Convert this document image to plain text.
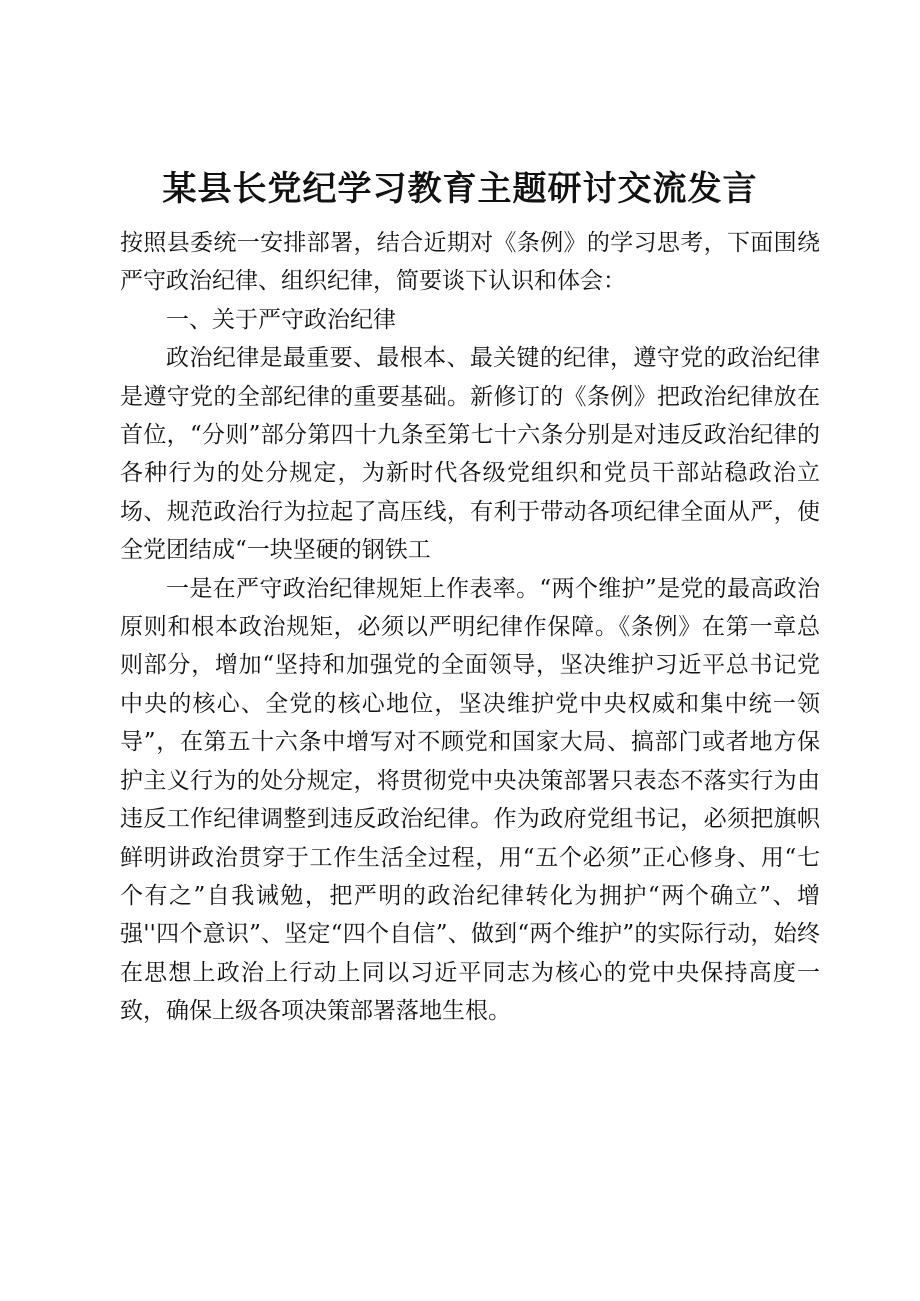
某县长党纪学习教育主题研讨交流发言

按照县委统一安排部署，结合近期对《条例》的学习思考，下面围绕严守政治纪律、组织纪律，简要谈下认识和体会：

一、关于严守政治纪律

政治纪律是最重要、最根本、最关键的纪律，遵守党的政治纪律是遵守党的全部纪律的重要基础。新修订的《条例》把政治纪律放在首位，“分则”部分第四十九条至第七十六条分别是对违反政治纪律的各种行为的处分规定，为新时代各级党组织和党员干部站稳政治立场、规范政治行为拉起了高压线，有利于带动各项纪律全面从严，使全党团结成“一块坚硬的钢铁工

一是在严守政治纪律规矩上作表率。“两个维护”是党的最高政治原则和根本政治规矩，必须以严明纪律作保障。《条例》在第一章总则部分，增加“坚持和加强党的全面领导，坚决维护习近平总书记党中央的核心、全党的核心地位，坚决维护党中央权威和集中统一领导”，在第五十六条中增写对不顾党和国家大局、搞部门或者地方保护主义行为的处分规定，将贯彻党中央决策部署只表态不落实行为由违反工作纪律调整到违反政治纪律。作为政府党组书记，必须把旗帜鲜明讲政治贯穿于工作生活全过程，用“五个必须”正心修身、用“七个有之”自我诫勉，把严明的政治纪律转化为拥护“两个确立”、增强''四个意识”、坚定“四个自信”、做到“两个维护”的实际行动，始终在思想上政治上行动上同以习近平同志为核心的党中央保持高度一致，确保上级各项决策部署落地生根。
